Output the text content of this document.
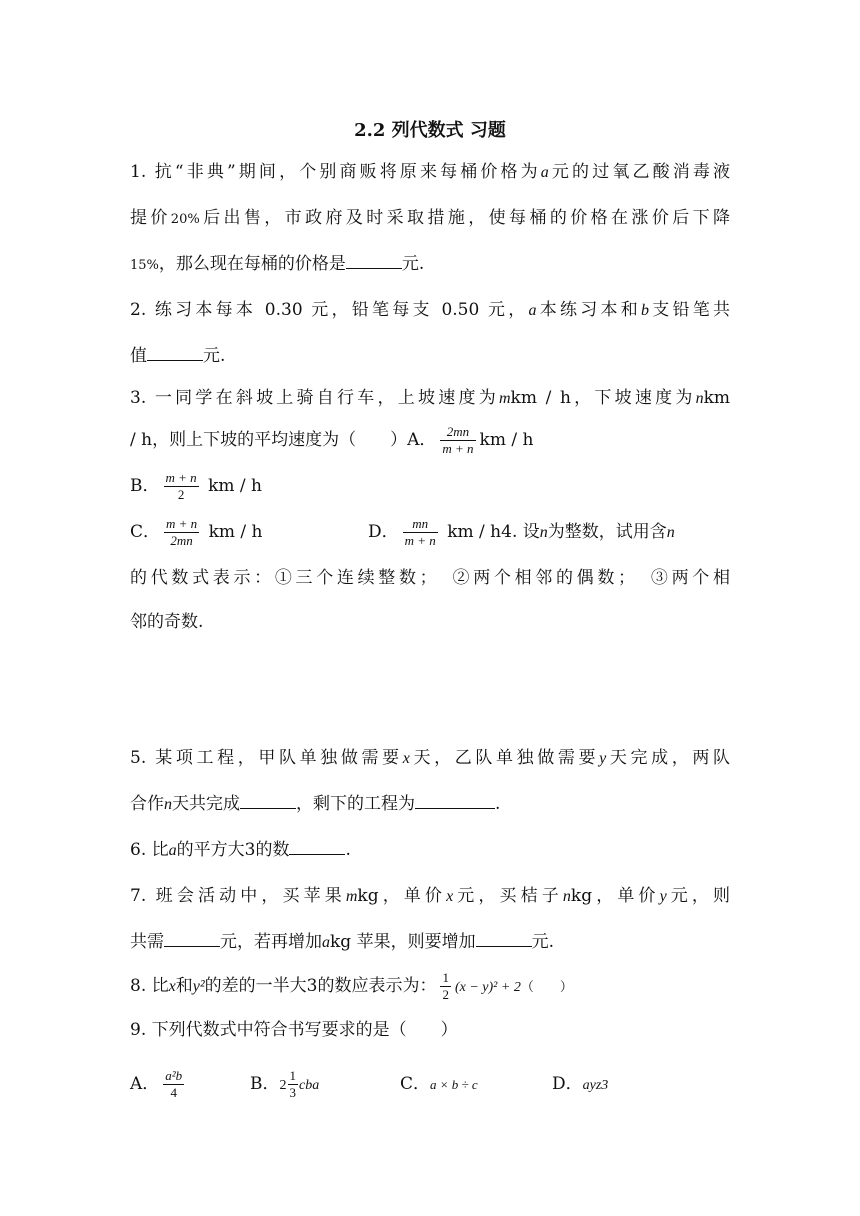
2.2 列代数式 习题
1. 抗“非典”期间，个别商贩将原来每桶价格为a元的过氧乙酸消毒液
提价20%后出售，市政府及时采取措施，使每桶的价格在涨价后下降
15%，那么现在每桶的价格是	元.
2. 练习本每本 0.30 元，铅笔每支 0.50 元，a本练习本和b支铅笔共
值	元.
3. 一同学在斜坡上骑自行车，上坡速度为mkm / h，下坡速度为nkm
/ h，则上下坡的平均速度为（　　）A． $\frac{2mn}{m + n}$ km / h
B． $\frac{m + n}{2}$ km / h
C． $\frac{m + n}{2mn}$ km / h	D． $\frac{mn}{m + n}$ km / h4. 设n为整数，试用含n
的代数式表示：①三个连续整数；　②两个相邻的偶数；　③两个相
邻的奇数.
5. 某项工程，甲队单独做需要x天，乙队单独做需要y天完成，两队
合作n天共完成	，剩下的工程为	.
6. 比a的平方大3的数	.
7. 班会活动中，买苹果mkg，单价x元，买桔子nkg，单价y元，则
共需	元，若再增加akg 苹果，则要增加	元.
8. 比x和y²的差的一半大3的数应表示为： $\frac{1}{2} (x - y)^2 + 2$（　　）
9. 下列代数式中符合书写要求的是（　　）
A． $\frac{\text{a²b}}{4}$	B．$2 \frac{1}{3}$ cba	C．a × b ÷ c	D．ayz3
